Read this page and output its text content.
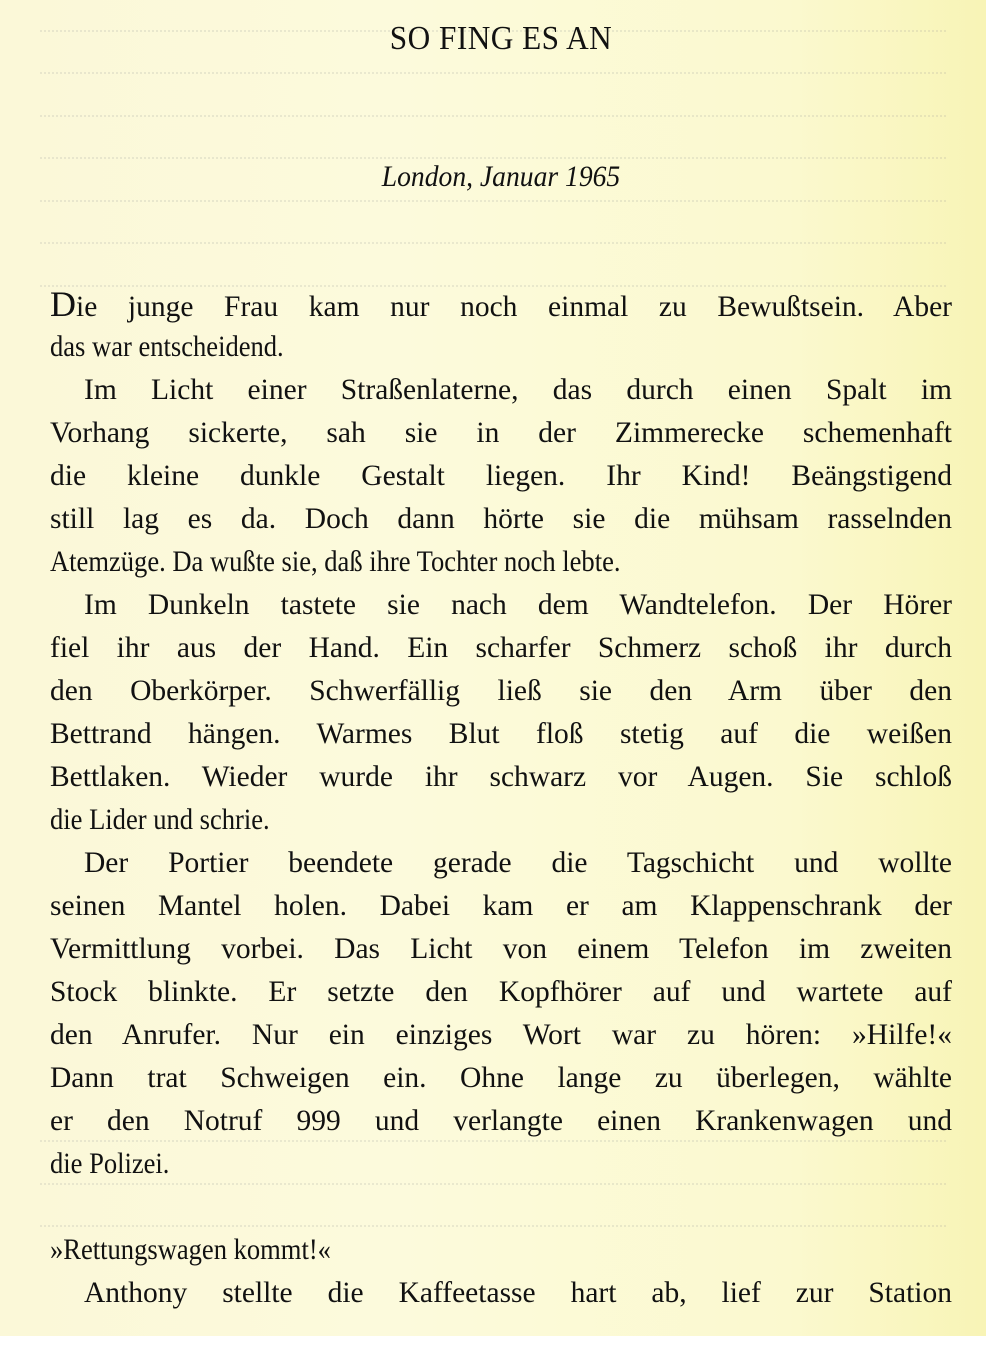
SO FING ES AN
London, Januar 1965
Die junge Frau kam nur noch einmal zu Bewußtsein. Aber
das war entscheidend.
Im Licht einer Straßenlaterne, das durch einen Spalt im
Vorhang sickerte, sah sie in der Zimmerecke schemenhaft
die kleine dunkle Gestalt liegen. Ihr Kind! Beängstigend
still lag es da. Doch dann hörte sie die mühsam rasselnden
Atemzüge. Da wußte sie, daß ihre Tochter noch lebte.
Im Dunkeln tastete sie nach dem Wandtelefon. Der Hörer
fiel ihr aus der Hand. Ein scharfer Schmerz schoß ihr durch
den Oberkörper. Schwerfällig ließ sie den Arm über den
Bettrand hängen. Warmes Blut floß stetig auf die weißen
Bettlaken. Wieder wurde ihr schwarz vor Augen. Sie schloß
die Lider und schrie.
Der Portier beendete gerade die Tagschicht und wollte
seinen Mantel holen. Dabei kam er am Klappenschrank der
Vermittlung vorbei. Das Licht von einem Telefon im zweiten
Stock blinkte. Er setzte den Kopfhörer auf und wartete auf
den Anrufer. Nur ein einziges Wort war zu hören: »Hilfe!«
Dann trat Schweigen ein. Ohne lange zu überlegen, wählte
er den Notruf 999 und verlangte einen Krankenwagen und
die Polizei.
»Rettungswagen kommt!«
Anthony stellte die Kaffeetasse hart ab, lief zur Station
